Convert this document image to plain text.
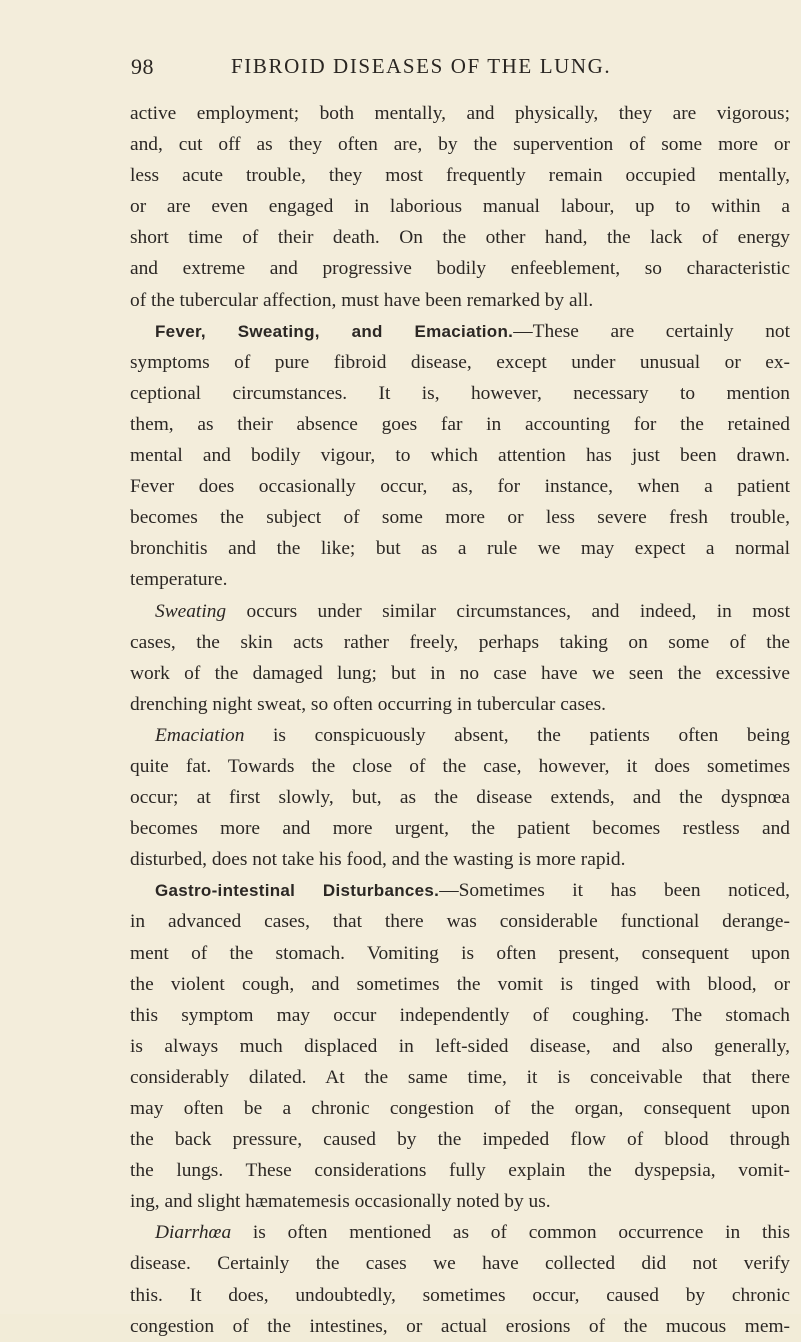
98	FIBROID DISEASES OF THE LUNG.

active employment; both mentally, and physically, they are vigorous;

and, cut off as they often are, by the supervention of some more or

less acute trouble, they most frequently remain occupied mentally,

or are even engaged in laborious manual labour, up to within a

short time of their death. On the other hand, the lack of energy

and extreme and progressive bodily enfeeblement, so characteristic

of the tubercular affection, must have been remarked by all.

Fever, Sweating, and Emaciation.—These are certainly not

symptoms of pure fibroid disease, except under unusual or ex-

ceptional circumstances. It is, however, necessary to mention

them, as their absence goes far in accounting for the retained

mental and bodily vigour, to which attention has just been drawn.

Fever does occasionally occur, as, for instance, when a patient

becomes the subject of some more or less severe fresh trouble,

bronchitis and the like; but as a rule we may expect a normal

temperature.

Sweating occurs under similar circumstances, and indeed, in most

cases, the skin acts rather freely, perhaps taking on some of the

work of the damaged lung; but in no case have we seen the excessive

drenching night sweat, so often occurring in tubercular cases.

Emaciation is conspicuously absent, the patients often being

quite fat. Towards the close of the case, however, it does sometimes

occur; at first slowly, but, as the disease extends, and the dyspnœa

becomes more and more urgent, the patient becomes restless and

disturbed, does not take his food, and the wasting is more rapid.

Gastro-intestinal Disturbances.—Sometimes it has been noticed,

in advanced cases, that there was considerable functional derange-

ment of the stomach. Vomiting is often present, consequent upon

the violent cough, and sometimes the vomit is tinged with blood, or

this symptom may occur independently of coughing. The stomach

is always much displaced in left-sided disease, and also generally,

considerably dilated. At the same time, it is conceivable that there

may often be a chronic congestion of the organ, consequent upon

the back pressure, caused by the impeded flow of blood through

the lungs. These considerations fully explain the dyspepsia, vomit-

ing, and slight hæmatemesis occasionally noted by us.

Diarrhœa is often mentioned as of common occurrence in this

disease. Certainly the cases we have collected did not verify

this. It does, undoubtedly, sometimes occur, caused by chronic

congestion of the intestines, or actual erosions of the mucous mem-
